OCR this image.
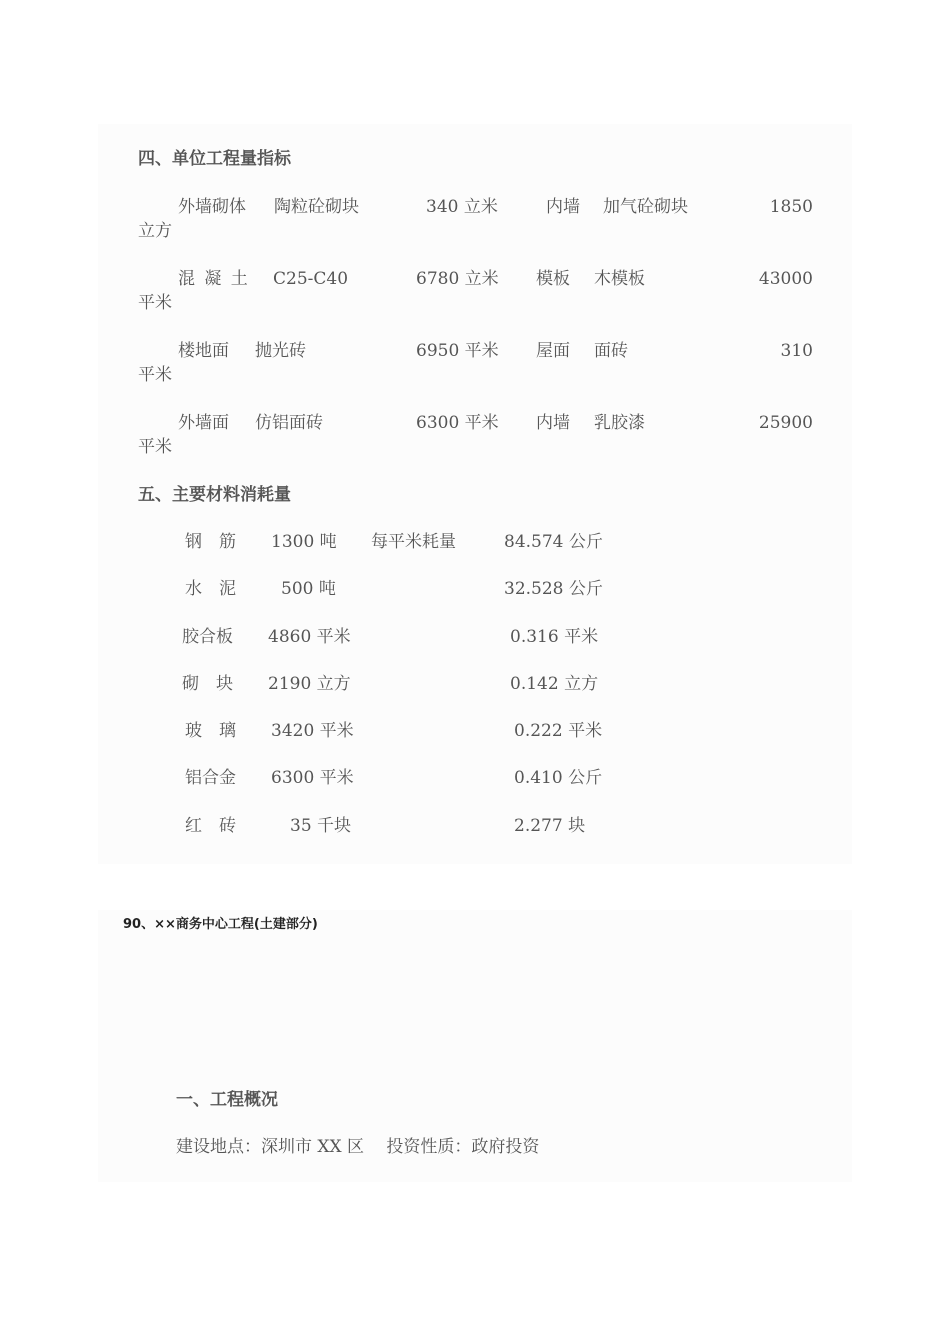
四、单位工程量指标
外墙砌体 陶粒砼砌块	340 立米	内墙 加气砼砌块	1850
立方
混 凝 土 C25-C40	6780 立米 模板 木模板	43000
平米
楼地面 抛光砖	6950 平米 屋面 面砖	310
平米
外墙面 仿铝面砖	6300 平米 内墙 乳胶漆	25900
平米
五、主要材料消耗量
钢　筋 1300 吨 每平米耗量	84.574 公斤
水　泥	500 吨	32.528 公斤
胶合板 4860 平米	0.316 平米
砌　块 2190 立方	0.142 立方
玻　璃 3420 平米	0.222 平米
铝合金 6300 平米	0.410 公斤
红　砖	35 千块	2.277 块
90、××商务中心工程(土建部分)
一、工程概况
建设地点：深圳市 XX 区　 投资性质：政府投资
